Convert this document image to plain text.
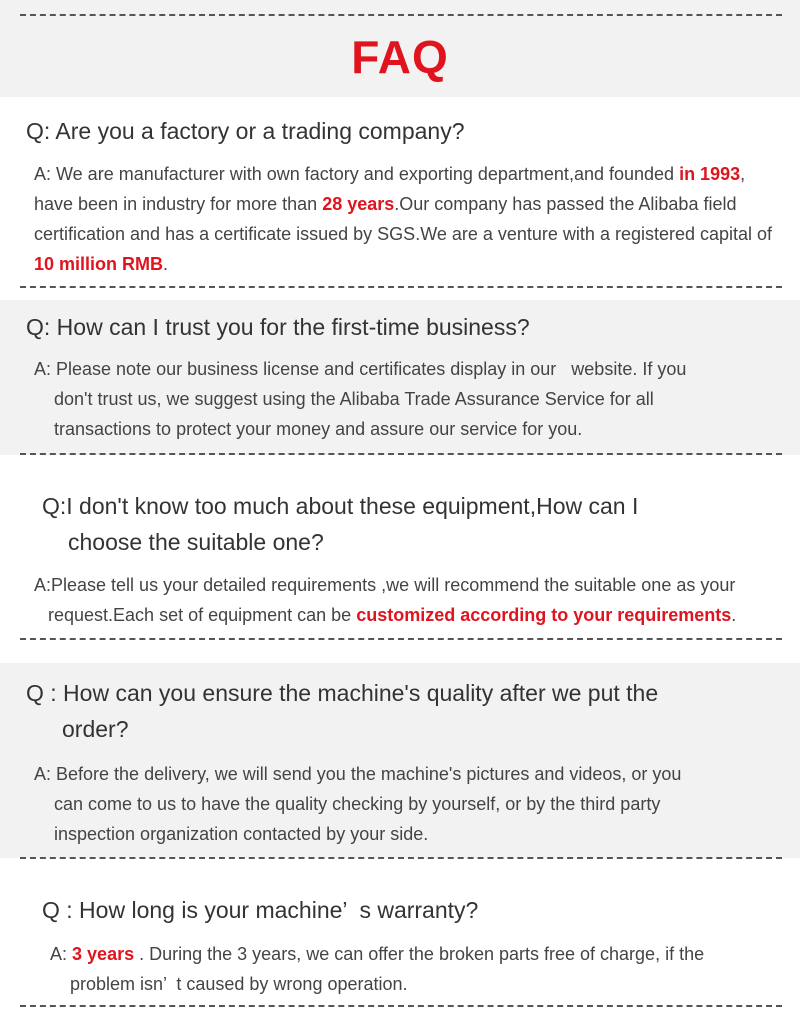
FAQ
Q: Are you a factory or a trading company?
A: We are manufacturer with own factory and exporting department,and founded in 1993, have been in industry for more than 28 years.Our company has passed the Alibaba field certification and has a certificate issued by SGS.We are a venture with a registered capital of 10 million RMB.
Q: How can I trust you for the first-time business?
A: Please note our business license and certificates display in our   website. If you
don't trust us, we suggest using the Alibaba Trade Assurance Service for all
transactions to protect your money and assure our service for you.
Q:I don't know too much about these equipment,How can I
choose the suitable one?
A:Please tell us your detailed requirements ,we will recommend the suitable one as your
request.Each set of equipment can be customized according to your requirements.
Q : How can you ensure the machine's quality after we put the
order?
A: Before the delivery, we will send you the machine's pictures and videos, or you
can come to us to have the quality checking by yourself, or by the third party
inspection organization contacted by your side.
Q : How long is your machine’  s warranty?
A: 3 years . During the 3 years, we can offer the broken parts free of charge, if the
problem isn’  t caused by wrong operation.
